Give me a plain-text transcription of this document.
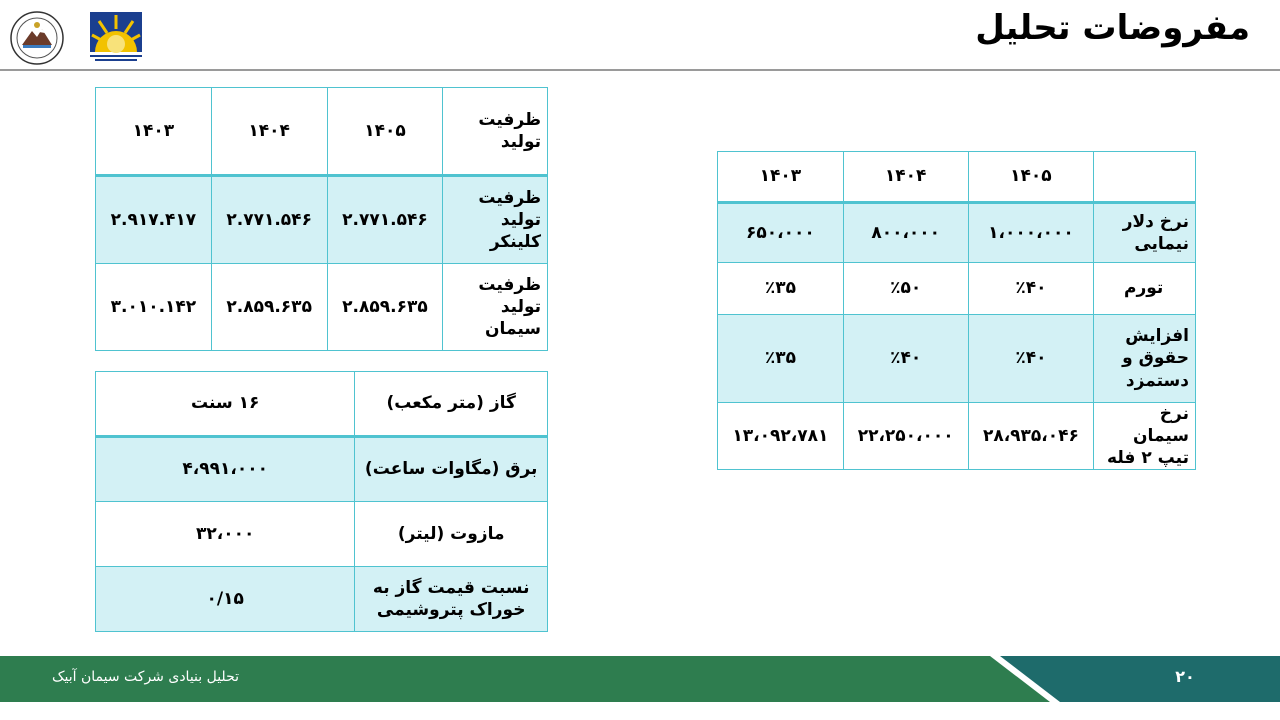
مفروضات تحلیل
ظرفیت
تولید	۱۴۰۵	۱۴۰۴	۱۴۰۳
ظرفیت
تولید
کلینکر	۲.۷۷۱.۵۴۶	۲.۷۷۱.۵۴۶	۲.۹۱۷.۴۱۷
ظرفیت
تولید سیمان	۲.۸۵۹.۶۳۵	۲.۸۵۹.۶۳۵	۳.۰۱۰.۱۴۲
گاز (متر مکعب)	۱۶ سنت
برق (مگاوات ساعت)	۴،۹۹۱،۰۰۰
مازوت (لیتر)	۳۲،۰۰۰
نسبت قیمت گاز به
خوراک پتروشیمی	۰/۱۵
	۱۴۰۵	۱۴۰۴	۱۴۰۳
نرخ دلار
نیمایی	۱،۰۰۰،۰۰۰	۸۰۰،۰۰۰	۶۵۰،۰۰۰
تورم	٪۴۰	٪۵۰	٪۳۵
افزایش
حقوق و
دستمزد	٪۴۰	٪۴۰	٪۳۵
نرخ سیمان
تیپ ۲ فله	۲۸،۹۳۵،۰۴۶	۲۲،۲۵۰،۰۰۰	۱۳،۰۹۲،۷۸۱
تحلیل بنیادی شرکت سیمان آبیک	۲۰
